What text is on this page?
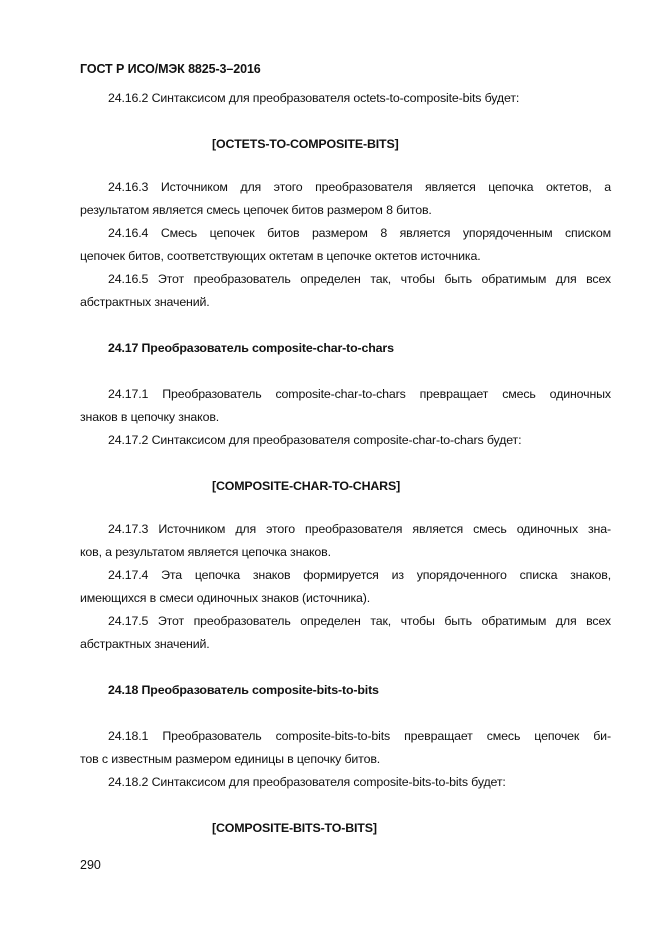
ГОСТ Р ИСО/МЭК 8825-3–2016
24.16.2 Синтаксисом для преобразователя octets-to-composite-bits будет:
[OCTETS-TO-COMPOSITE-BITS]
24.16.3 Источником для этого преобразователя является цепочка октетов, а
результатом является смесь цепочек битов размером 8 битов.
24.16.4 Смесь цепочек битов размером 8 является упорядоченным списком
цепочек битов, соответствующих октетам в цепочке октетов источника.
24.16.5 Этот преобразователь определен так, чтобы быть обратимым для всех
абстрактных значений.
24.17 Преобразователь composite-char-to-chars
24.17.1 Преобразователь composite-char-to-chars превращает смесь одиночных
знаков в цепочку знаков.
24.17.2 Синтаксисом для преобразователя composite-char-to-chars будет:
[COMPOSITE-CHAR-TO-CHARS]
24.17.3 Источником для этого преобразователя является смесь одиночных зна-
ков, а результатом является цепочка знаков.
24.17.4 Эта цепочка знаков формируется из упорядоченного списка знаков,
имеющихся в смеси одиночных знаков (источника).
24.17.5 Этот преобразователь определен так, чтобы быть обратимым для всех
абстрактных значений.
24.18 Преобразователь composite-bits-to-bits
24.18.1 Преобразователь composite-bits-to-bits превращает смесь цепочек би-
тов с известным размером единицы в цепочку битов.
24.18.2 Синтаксисом для преобразователя composite-bits-to-bits будет:
[COMPOSITE-BITS-TO-BITS]
290
